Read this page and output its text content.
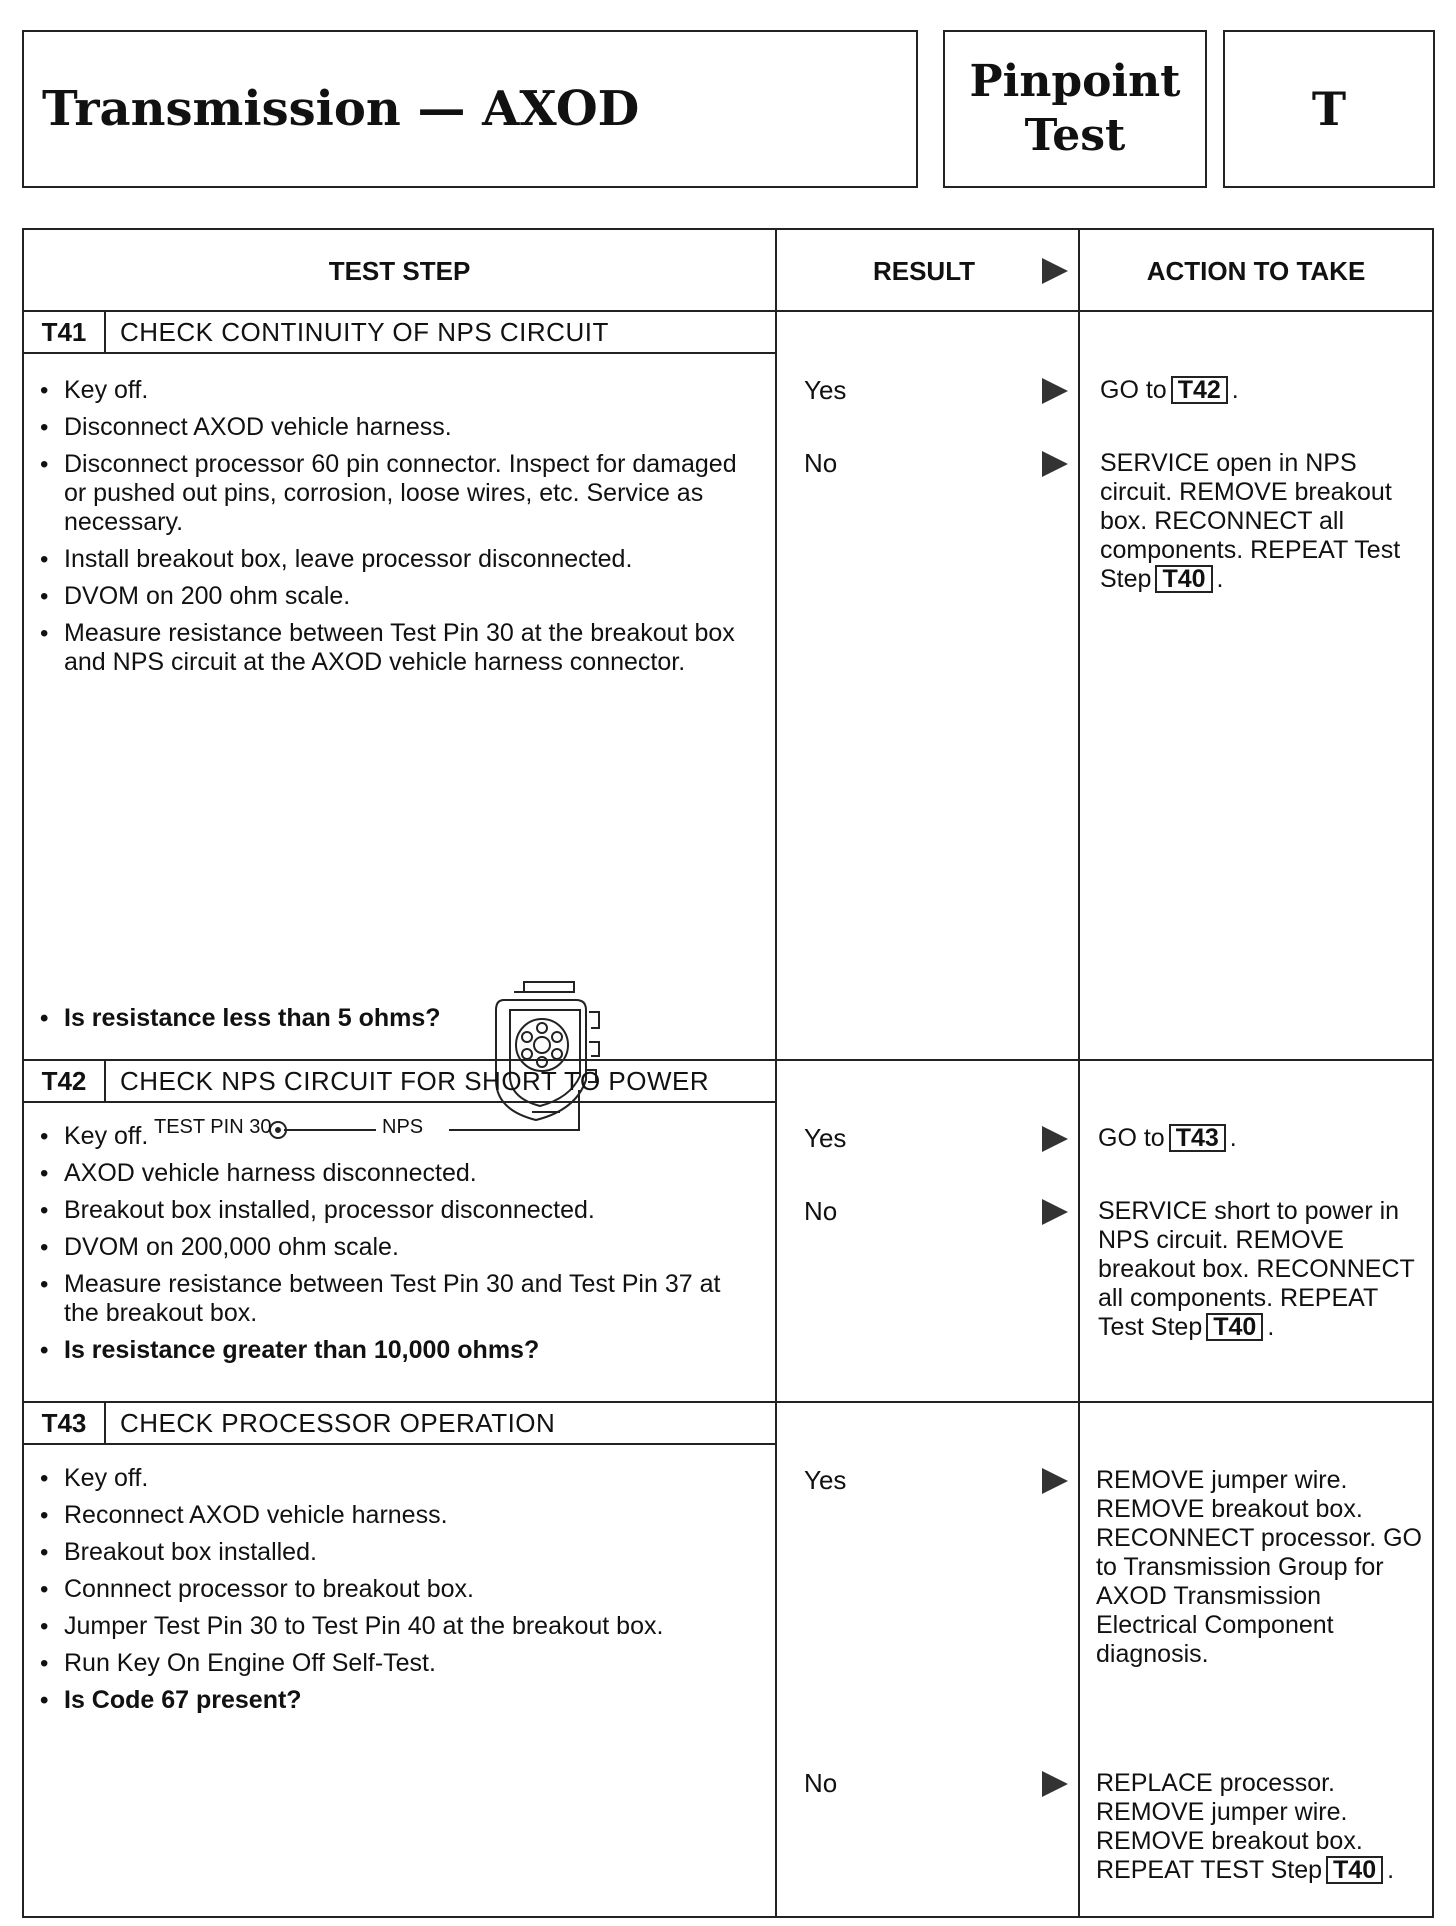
Transmission — AXOD	Pinpoint
Test	T
TEST STEP	RESULT	ACTION TO TAKE
T41	CHECK CONTINUITY OF NPS CIRCUIT
• Key off.
• Disconnect AXOD vehicle harness.
• Disconnect processor 60 pin connector. Inspect for damaged or pushed out pins, corrosion, loose wires, etc. Service as necessary.
• Install breakout box, leave processor disconnected.
• DVOM on 200 ohm scale.
• Measure resistance between Test Pin 30 at the breakout box and NPS circuit at the AXOD vehicle harness connector.
TEST PIN 30	NPS
• Is resistance less than 5 ohms?
Yes	GO to T42 .
No	SERVICE open in NPS circuit. REMOVE breakout box. RECONNECT all components. REPEAT Test Step T40 .
T42	CHECK NPS CIRCUIT FOR SHORT TO POWER
• Key off.
• AXOD vehicle harness disconnected.
• Breakout box installed, processor disconnected.
• DVOM on 200,000 ohm scale.
• Measure resistance between Test Pin 30 and Test Pin 37 at the breakout box.
• Is resistance greater than 10,000 ohms?
Yes	GO to T43 .
No	SERVICE short to power in NPS circuit. REMOVE breakout box. RECONNECT all components. REPEAT Test Step T40 .
T43	CHECK PROCESSOR OPERATION
• Key off.
• Reconnect AXOD vehicle harness.
• Breakout box installed.
• Connnect processor to breakout box.
• Jumper Test Pin 30 to Test Pin 40 at the breakout box.
• Run Key On Engine Off Self-Test.
• Is Code 67 present?
Yes	REMOVE jumper wire. REMOVE breakout box. RECONNECT processor. GO to Transmission Group for AXOD Transmission Electrical Component diagnosis.
No	REPLACE processor. REMOVE jumper wire. REMOVE breakout box. REPEAT TEST Step T40 .
